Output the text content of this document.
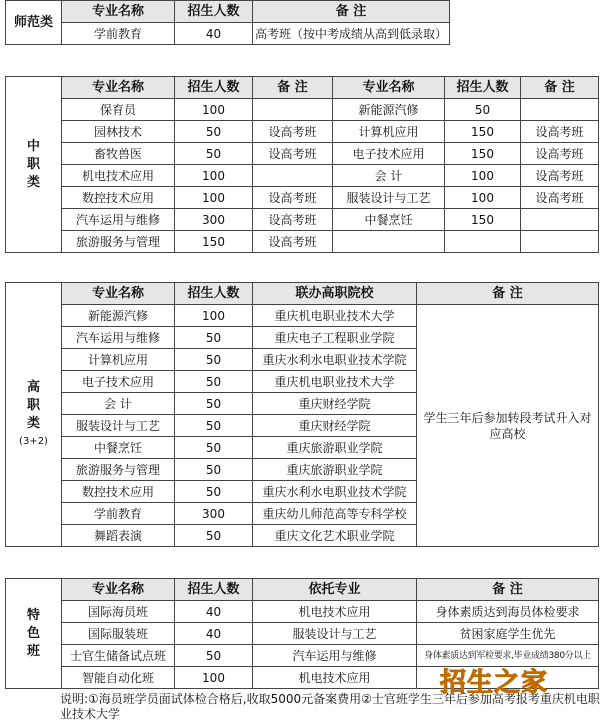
师范类	专业名称	招生人数	备 注
	学前教育	40	高考班（按中考成绩从高到低录取）
中
职
类	专业名称	招生人数	备 注	专业名称	招生人数	备 注
	保育员	100		新能源汽修	50	
	园林技术	50	设高考班	计算机应用	150	设高考班
	畜牧兽医	50	设高考班	电子技术应用	150	设高考班
	机电技术应用	100		会 计	100	设高考班
	数控技术应用	100	设高考班	服装设计与工艺	100	设高考班
	汽车运用与维修	300	设高考班	中餐烹饪	150	
	旅游服务与管理	150	设高考班			
高
职
类
(3+2)	专业名称	招生人数	联办高职院校	备 注
	新能源汽修	100	重庆机电职业技术大学	学生三年后参加转段考试升入对应高校
	汽车运用与维修	50	重庆电子工程职业学院	
	计算机应用	50	重庆水利水电职业技术学院	
	电子技术应用	50	重庆机电职业技术大学	
	会 计	50	重庆财经学院	
	服装设计与工艺	50	重庆财经学院	
	中餐烹饪	50	重庆旅游职业学院	
	旅游服务与管理	50	重庆旅游职业学院	
	数控技术应用	50	重庆水利水电职业技术学院	
	学前教育	300	重庆幼儿师范高等专科学校	
	舞蹈表演	50	重庆文化艺术职业学院	
特
色
班	专业名称	招生人数	依托专业	备 注
	国际海员班	40	机电技术应用	身体素质达到海员体检要求
	国际服装班	40	服装设计与工艺	贫困家庭学生优先
	士官生储备试点班	50	汽车运用与维修	身体素质达到军检要求,毕业成绩380分以上
	智能自动化班	100	机电技术应用	
说明:①海员班学员面试体检合格后,收取5000元备案费用②士官班学生三年后参加高考报考重庆机电职业技术大学
招生之家
